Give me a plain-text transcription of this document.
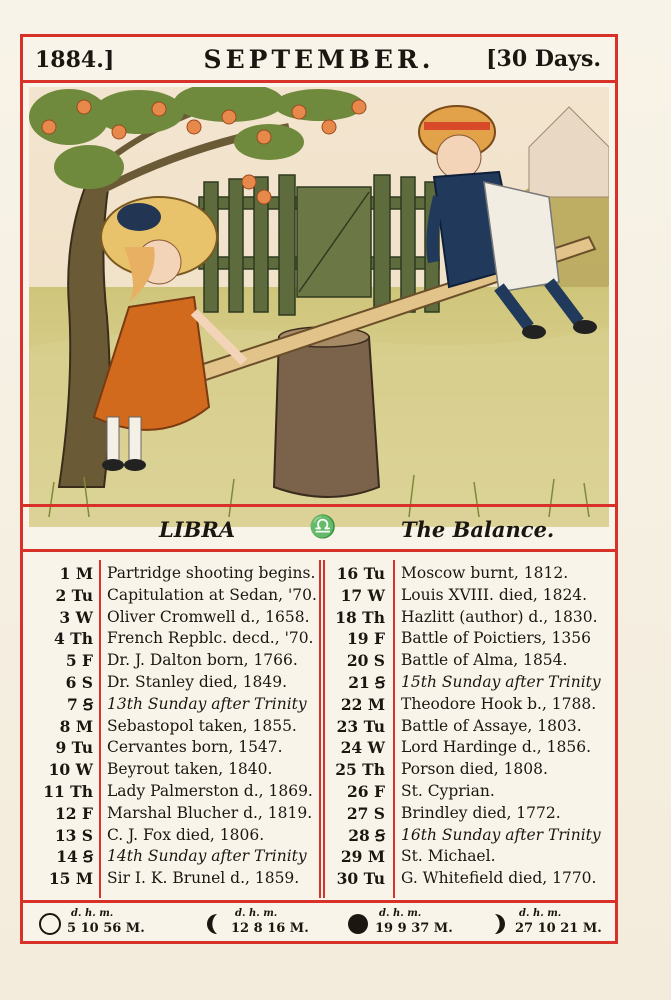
1884.]	SEPTEMBER.	[30 Days.
LIBRA	♎	The Balance.
1 M Partridge shooting begins.
2 Tu Capitulation at Sedan, '70.
3 W Oliver Cromwell d., 1658.
4 Th French Repblc. decd., '70.
5 F Dr. J. Dalton born, 1766.
6 S Dr. Stanley died, 1849.
7 Ꞩ 13th Sunday after Trinity
8 M Sebastopol taken, 1855.
9 Tu Cervantes born, 1547.
10 W Beyrout taken, 1840.
11 Th Lady Palmerston d., 1869.
12 F Marshal Blucher d., 1819.
13 S C. J. Fox died, 1806.
14 Ꞩ 14th Sunday after Trinity
15 M Sir I. K. Brunel d., 1859.
16 Tu Moscow burnt, 1812.
17 W Louis XVIII. died, 1824.
18 Th Hazlitt (author) d., 1830.
19 F Battle of Poictiers, 1356
20 S Battle of Alma, 1854.
21 Ꞩ 15th Sunday after Trinity
22 M Theodore Hook b., 1788.
23 Tu Battle of Assaye, 1803.
24 W Lord Hardinge d., 1856.
25 Th Porson died, 1808.
26 F St. Cyprian.
27 S Brindley died, 1772.
28 Ꞩ 16th Sunday after Trinity
29 M St. Michael.
30 Tu G. Whitefield died, 1770.
d. h. m.
5 10 56 M.
d. h. m.
12 8 16 M.
d. h. m.
19 9 37 M.
d. h. m.
27 10 21 M.
